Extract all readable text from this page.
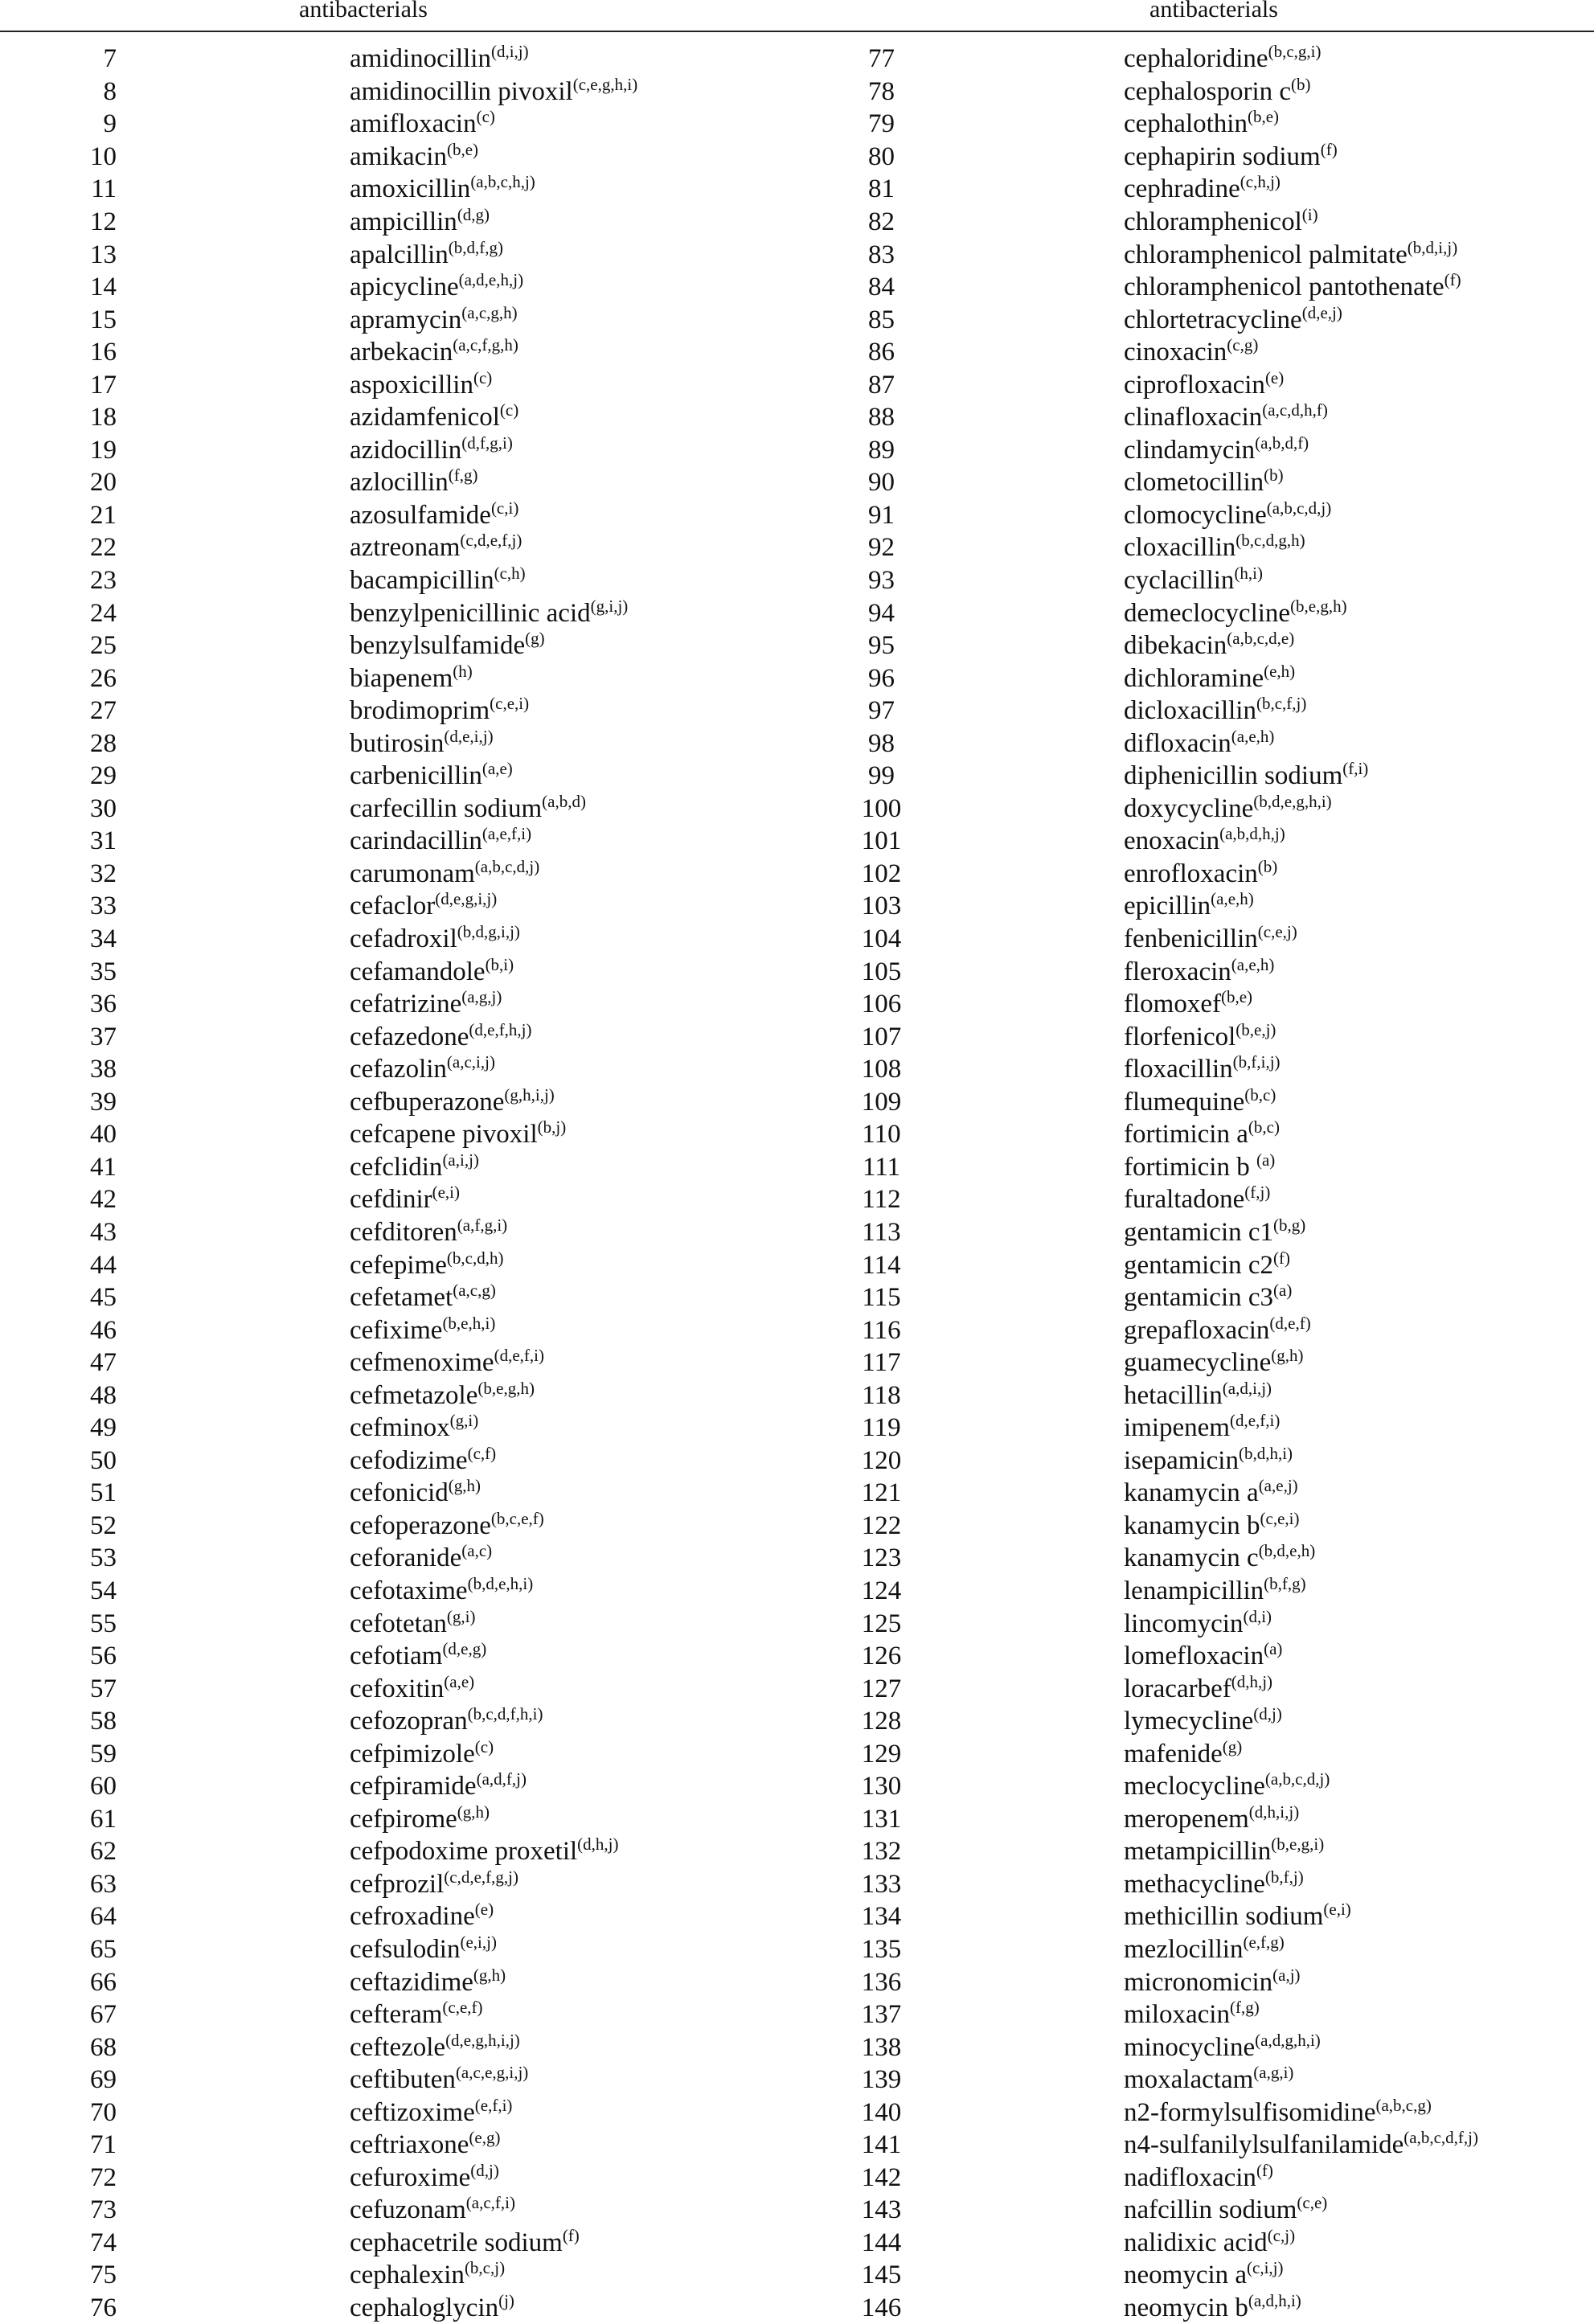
antibacterials	antibacterials
7		amidinocillin$^{(d,i,j)}$	77		cephaloridine$^{(b,c,g,i)}$
8		amidinocillin pivoxil$^{(c,e,g,h,i)}$	78		cephalosporin $c^{(b)}$
9		amifloxacin$^{(c)}$	79		cephalothin$^{(b,e)}$
10		amikacin$^{(b,e)}$	80		cephapirin sodium$^{(f)}$
11		amoxicillin$^{(a,b,c,h,j)}$	81		cephradine$^{(c,h,j)}$
12		ampicillin$^{(d,g)}$	82		chloramphenicol$^{(i)}$
13		apalcillin$^{(b,d,f,g)}$	83		chloramphenicol palmitate$^{(b,d,i,j)}$
14		apicycline$^{(a,d,e,h,j)}$	84		chloramphenicol pantothenate$^{(f)}$
15		apramycin$^{(a,c,g,h)}$	85		chlortetracycline$^{(d,e,j)}$
16		arbekacin$^{(a,c,f,g,h)}$	86		cinoxacin$^{(c,g)}$
17		aspoxicillin$^{(c)}$	87		ciprofloxacin$^{(e)}$
18		azidamfenicol$^{(c)}$	88		clinafloxacin$^{(a,c,d,h,f)}$
19		azidocillin$^{(d,f,g,i)}$	89		clindamycin$^{(a,b,d,f)}$
20		azlocillin$^{(f,g)}$	90		clometocillin$^{(b)}$
21		azosulfamide$^{(c,i)}$	91		clomocycline$^{(a,b,c,d,j)}$
22		aztreonam$^{(c,d,e,f,j)}$	92		cloxacillin$^{(b,c,d,g,h)}$
23		bacampicillin$^{(c,h)}$	93		cyclacillin$^{(h,i)}$
24		benzylpenicillinic acid$^{(g,i,j)}$	94		demeclocycline$^{(b,e,g,h)}$
25		benzylsulfamide$^{(g)}$	95		dibekacin$^{(a,b,c,d,e)}$
26		biapenem$^{(h)}$	96		dichloramine$^{(e,h)}$
27		brodimoprim$^{(c,e,i)}$	97		dicloxacillin$^{(b,c,f,j)}$
28		butirosin$^{(d,e,i,j)}$	98		difloxacin$^{(a,e,h)}$
29		carbenicillin$^{(a,e)}$	99		diphenicillin sodium$^{(f,i)}$
30		carfecillin sodium$^{(a,b,d)}$	100		doxycycline$^{(b,d,e,g,h,i)}$
31		carindacillin$^{(a,e,f,i)}$	101		enoxacin$^{(a,b,d,h,j)}$
32		carumonam$^{(a,b,c,d,j)}$	102		enrofloxacin$^{(b)}$
33		cefaclor$^{(d,e,g,i,j)}$	103		epicillin$^{(a,e,h)}$
34		cefadroxil$^{(b,d,g,i,j)}$	104		fenbenicillin$^{(c,e,j)}$
35		cefamandole$^{(b,i)}$	105		fleroxacin$^{(a,e,h)}$
36		cefatrizine$^{(a,g,j)}$	106		flomoxef$^{(b,e)}$
37		cefazedone$^{(d,e,f,h,j)}$	107		florfenicol$^{(b,e,j)}$
38		cefazolin$^{(a,c,i,j)}$	108		floxacillin$^{(b,f,i,j)}$
39		cefbuperazone$^{(g,h,i,j)}$	109		flumequine$^{(b,c)}$
40		cefcapene pivoxil$^{(b,j)}$	110		fortimicin $a^{(b,c)}$
41		cefclidin$^{(a,i,j)}$	111		fortimicin b $^{(a)}$
42		cefdinir$^{(e,i)}$	112		furaltadone$^{(f,j)}$
43		cefditoren$^{(a,f,g,i)}$	113		gentamicin c1$^{(b,g)}$
44		cefepime$^{(b,c,d,h)}$	114		gentamicin c2$^{(f)}$
45		cefetamet$^{(a,c,g)}$	115		gentamicin c3$^{(a)}$
46		cefixime$^{(b,e,h,i)}$	116		grepafloxacin$^{(d,e,f)}$
47		cefmenoxime$^{(d,e,f,i)}$	117		guamecycline$^{(g,h)}$
48		cefmetazole$^{(b,e,g,h)}$	118		hetacillin$^{(a,d,i,j)}$
49		cefminox$^{(g,i)}$	119		imipenem$^{(d,e,f,i)}$
50		cefodizime$^{(c,f)}$	120		isepamicin$^{(b,d,h,i)}$
51		cefonicid$^{(g,h)}$	121		kanamycin $a^{(a,e,j)}$
52		cefoperazone$^{(b,c,e,f)}$	122		kanamycin $b^{(c,e,i)}$
53		ceforanide$^{(a,c)}$	123		kanamycin $c^{(b,d,e,h)}$
54		cefotaxime$^{(b,d,e,h,i)}$	124		lenampicillin$^{(b,f,g)}$
55		cefotetan$^{(g,i)}$	125		lincomycin$^{(d,i)}$
56		cefotiam$^{(d,e,g)}$	126		lomefloxacin$^{(a)}$
57		cefoxitin$^{(a,e)}$	127		loracarbef$^{(d,h,j)}$
58		cefozopran$^{(b,c,d,f,h,i)}$	128		lymecycline$^{(d,j)}$
59		cefpimizole$^{(c)}$	129		mafenide$^{(g)}$
60		cefpiramide$^{(a,d,f,j)}$	130		meclocycline$^{(a,b,c,d,j)}$
61		cefpirome$^{(g,h)}$	131		meropenem$^{(d,h,i,j)}$
62		cefpodoxime proxetil$^{(d,h,j)}$	132		metampicillin$^{(b,e,g,i)}$
63		cefprozil$^{(c,d,e,f,g,j)}$	133		methacycline$^{(b,f,j)}$
64		cefroxadine$^{(e)}$	134		methicillin sodium$^{(e,i)}$
65		cefsulodin$^{(e,i,j)}$	135		mezlocillin$^{(e,f,g)}$
66		ceftazidime$^{(g,h)}$	136		micronomicin$^{(a,j)}$
67		cefteram$^{(c,e,f)}$	137		miloxacin$^{(f,g)}$
68		ceftezole$^{(d,e,g,h,i,j)}$	138		minocycline$^{(a,d,g,h,i)}$
69		ceftibuten$^{(a,c,e,g,i,j)}$	139		moxalactam$^{(a,g,i)}$
70		ceftizoxime$^{(e,f,i)}$	140		n2-formylsulfisomidine$^{(a,b,c,g)}$
71		ceftriaxone$^{(e,g)}$	141		n4-sulfanilylsulfanilamide$^{(a,b,c,d,f,j)}$
72		cefuroxime$^{(d,j)}$	142		nadifloxacin$^{(f)}$
73		cefuzonam$^{(a,c,f,i)}$	143		nafcillin sodium$^{(c,e)}$
74		cephacetrile sodium$^{(f)}$	144		nalidixic acid$^{(c,j)}$
75		cephalexin$^{(b,c,j)}$	145		neomycin $a^{(c,i,j)}$
76		cephaloglycin$^{(j)}$	146		neomycin $b^{(a,d,h,i)}$
